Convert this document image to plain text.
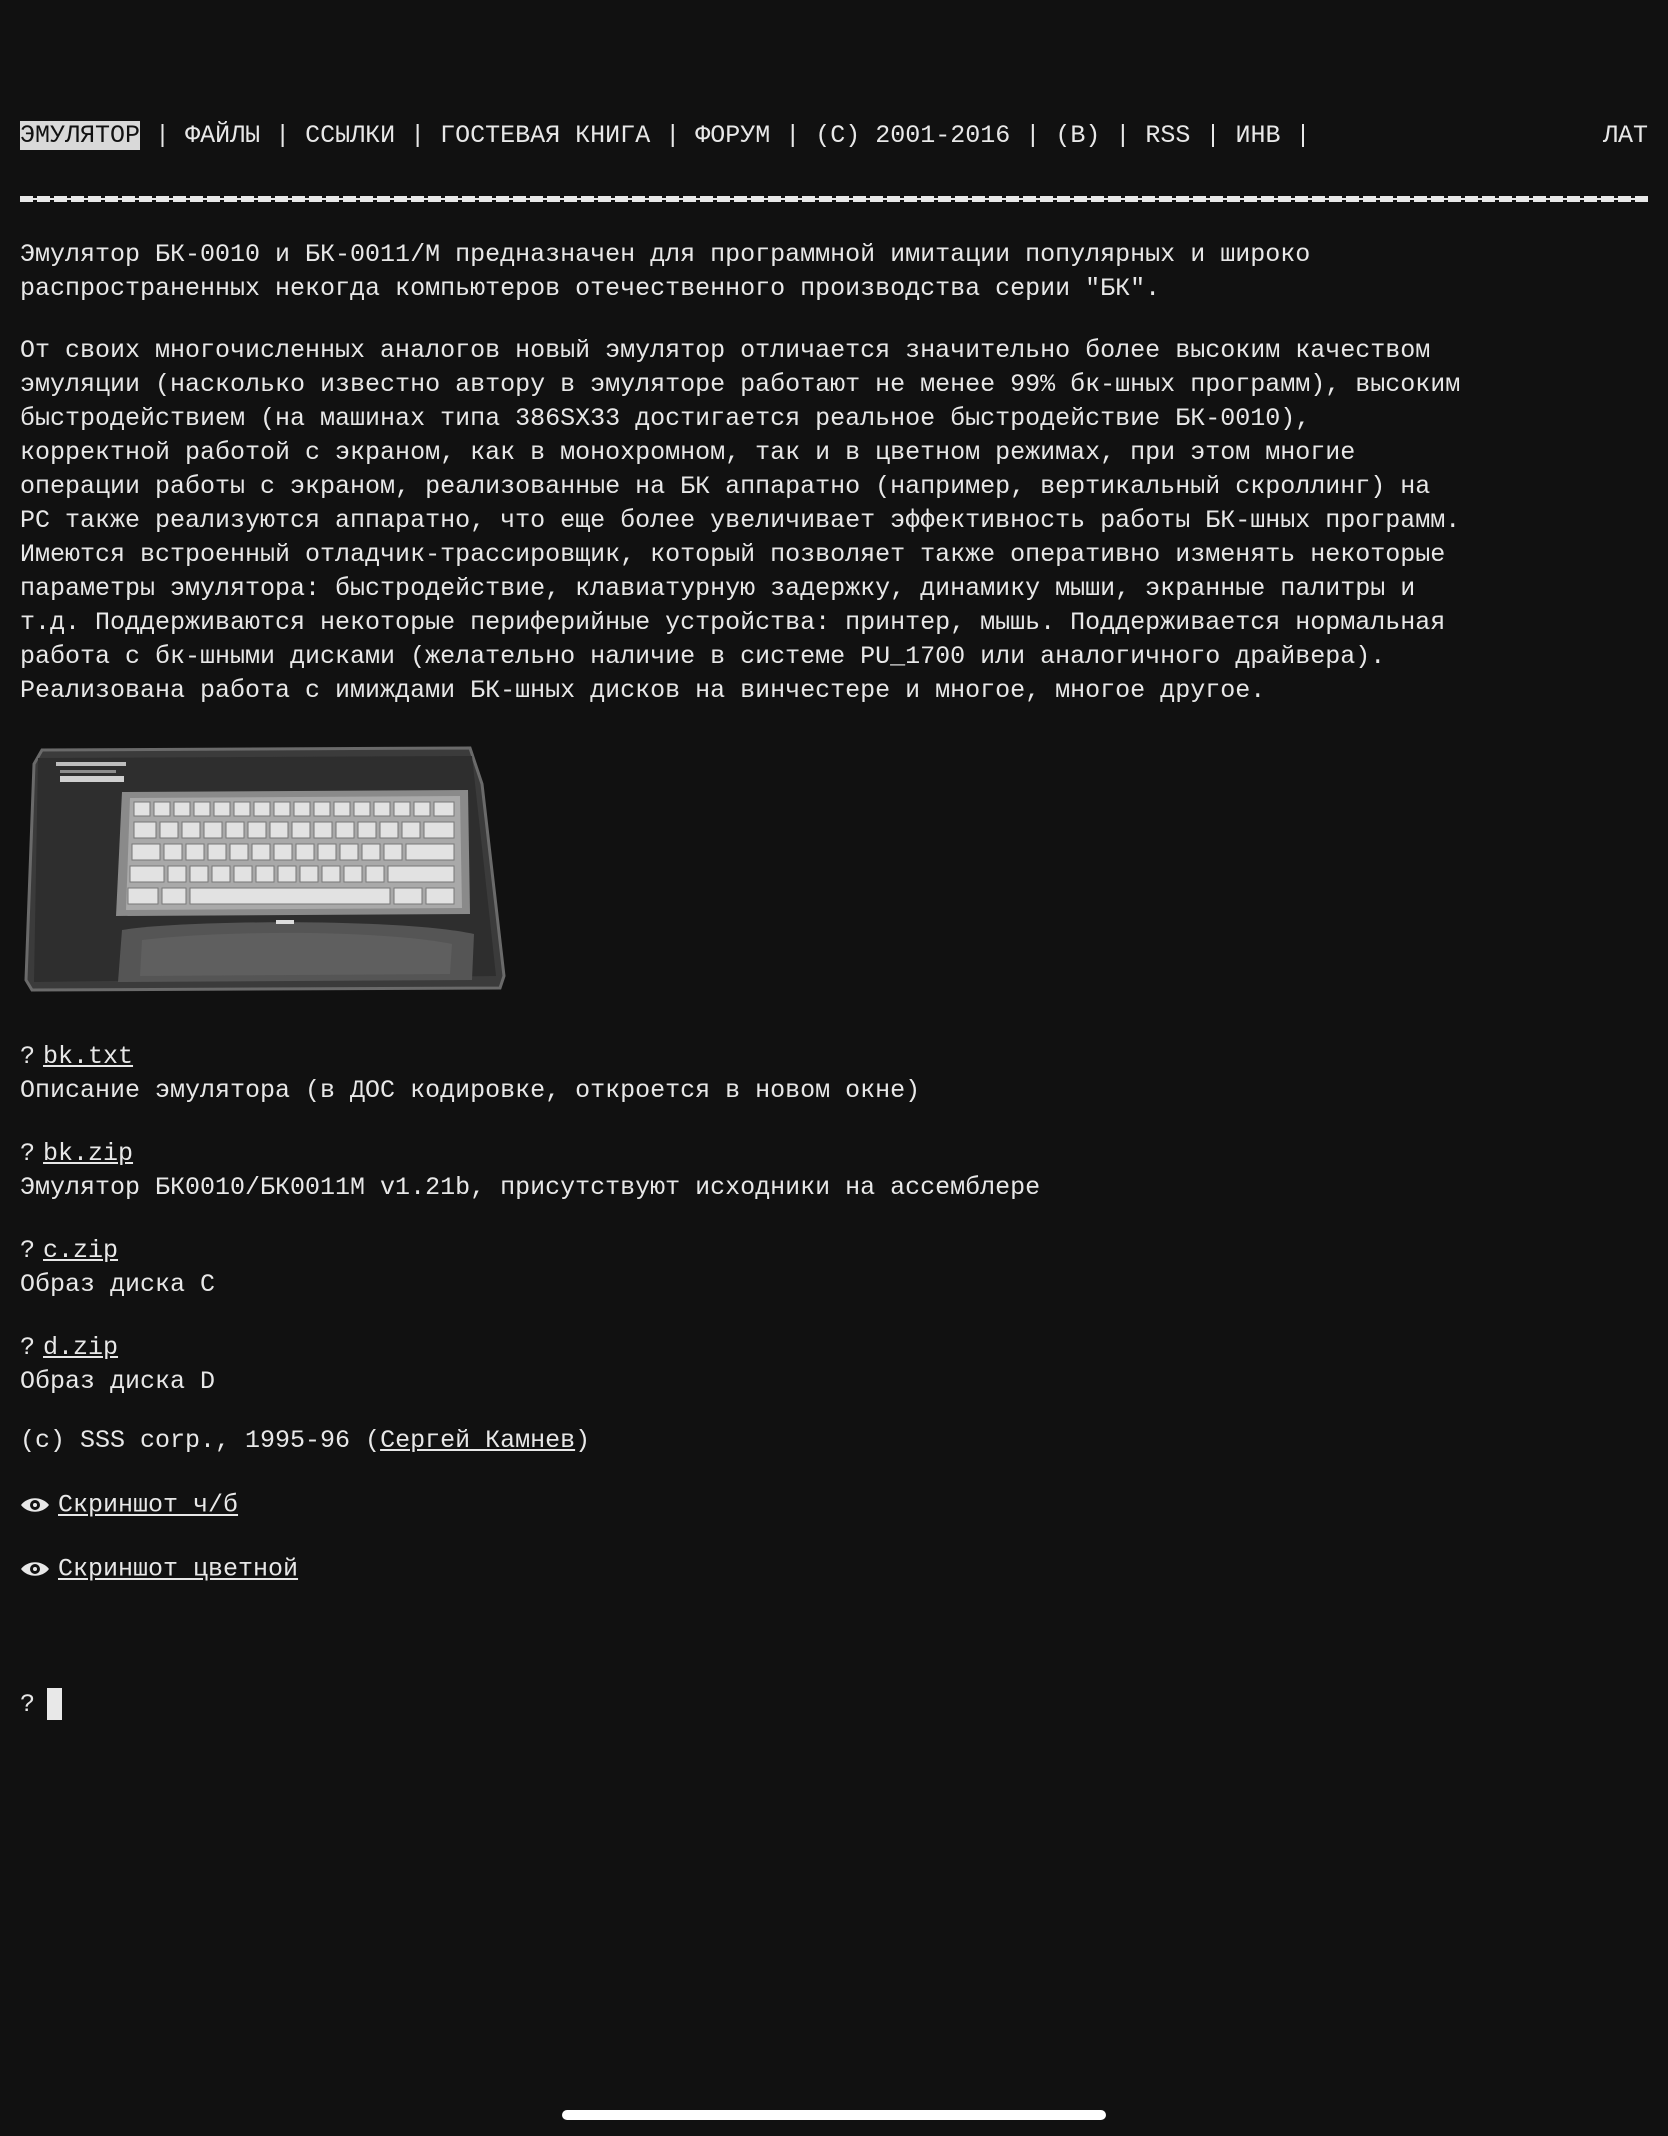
ЭМУЛЯТОР | ФАЙЛЫ | ССЫЛКИ | ГОСТЕВАЯ КНИГА | ФОРУМ | (C) 2001-2016 | (B) | RSS | ИНВ |	ЛАТ

Эмулятор БК-0010 и БК-0011/М предназначен для программной имитации популярных и широко
распространенных некогда компьютеров отечественного производства серии "БК".

От своих многочисленных аналогов новый эмулятор отличается значительно более высоким качеством
эмуляции (насколько известно автору в эмуляторе работают не менее 99% бк-шных программ), высоким
быстродействием (на машинах типа 386SX33 достигается реальное быстродействие БК-0010),
корректной работой с экраном, как в монохромном, так и в цветном режимах, при этом многие
операции работы с экраном, реализованные на БК аппаратно (например, вертикальный скроллинг) на
PC также реализуются аппаратно, что еще более увеличивает эффективность работы БК-шных программ.
Имеются встроенный отладчик-трассировщик, который позволяет также оперативно изменять некоторые
параметры эмулятора: быстродействие, клавиатурную задержку, динамику мыши, экранные палитры и
т.д. Поддерживаются некоторые периферийные устройства: принтер, мышь. Поддерживается нормальная
работа с бк-шными дисками (желательно наличие в системе PU_1700 или аналогичного драйвера).
Реализована работа с имиждами БК-шных дисков на винчестере и многое, многое другое.

? bk.txt
Описание эмулятора (в ДОС кодировке, откроется в новом окне)
? bk.zip
Эмулятор БК0010/БК0011М v1.21b, присутствуют исходники на ассемблере
? c.zip
Образ диска C
? d.zip
Образ диска D
(c) SSS corp., 1995-96 (Сергей Камнев)
Скриншот ч/б
Скриншот цветной
?
